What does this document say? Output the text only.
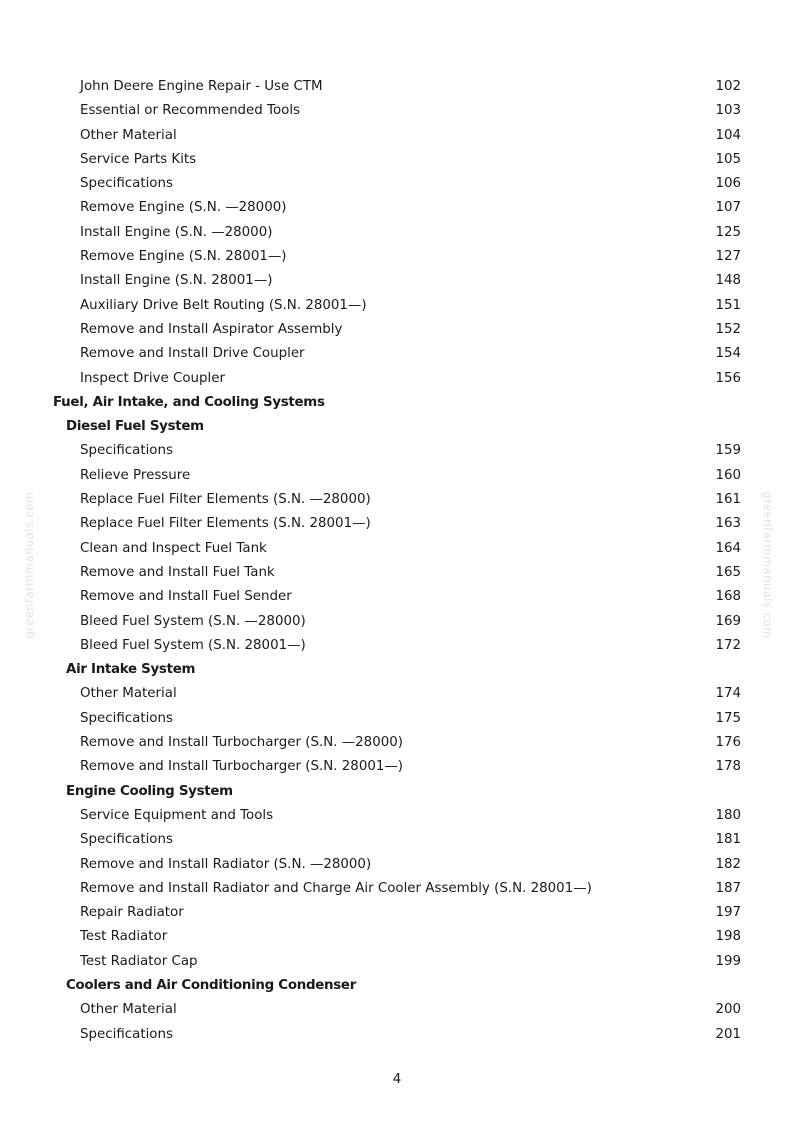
greenfarmmanuals.com	greenfarmmanuals.com
John Deere Engine Repair - Use CTM	102
Essential or Recommended Tools	103
Other Material	104
Service Parts Kits	105
Specifications	106
Remove Engine (S.N. —28000)	107
Install Engine (S.N. —28000)	125
Remove Engine (S.N. 28001—)	127
Install Engine (S.N. 28001—)	148
Auxiliary Drive Belt Routing (S.N. 28001—)	151
Remove and Install Aspirator Assembly	152
Remove and Install Drive Coupler	154
Inspect Drive Coupler	156
Fuel, Air Intake, and Cooling Systems
Diesel Fuel System
Specifications	159
Relieve Pressure	160
Replace Fuel Filter Elements (S.N. —28000)	161
Replace Fuel Filter Elements (S.N. 28001—)	163
Clean and Inspect Fuel Tank	164
Remove and Install Fuel Tank	165
Remove and Install Fuel Sender	168
Bleed Fuel System (S.N. —28000)	169
Bleed Fuel System (S.N. 28001—)	172
Air Intake System
Other Material	174
Specifications	175
Remove and Install Turbocharger (S.N. —28000)	176
Remove and Install Turbocharger (S.N. 28001—)	178
Engine Cooling System
Service Equipment and Tools	180
Specifications	181
Remove and Install Radiator (S.N. —28000)	182
Remove and Install Radiator and Charge Air Cooler Assembly (S.N. 28001—)	187
Repair Radiator	197
Test Radiator	198
Test Radiator Cap	199
Coolers and Air Conditioning Condenser
Other Material	200
Specifications	201
4
